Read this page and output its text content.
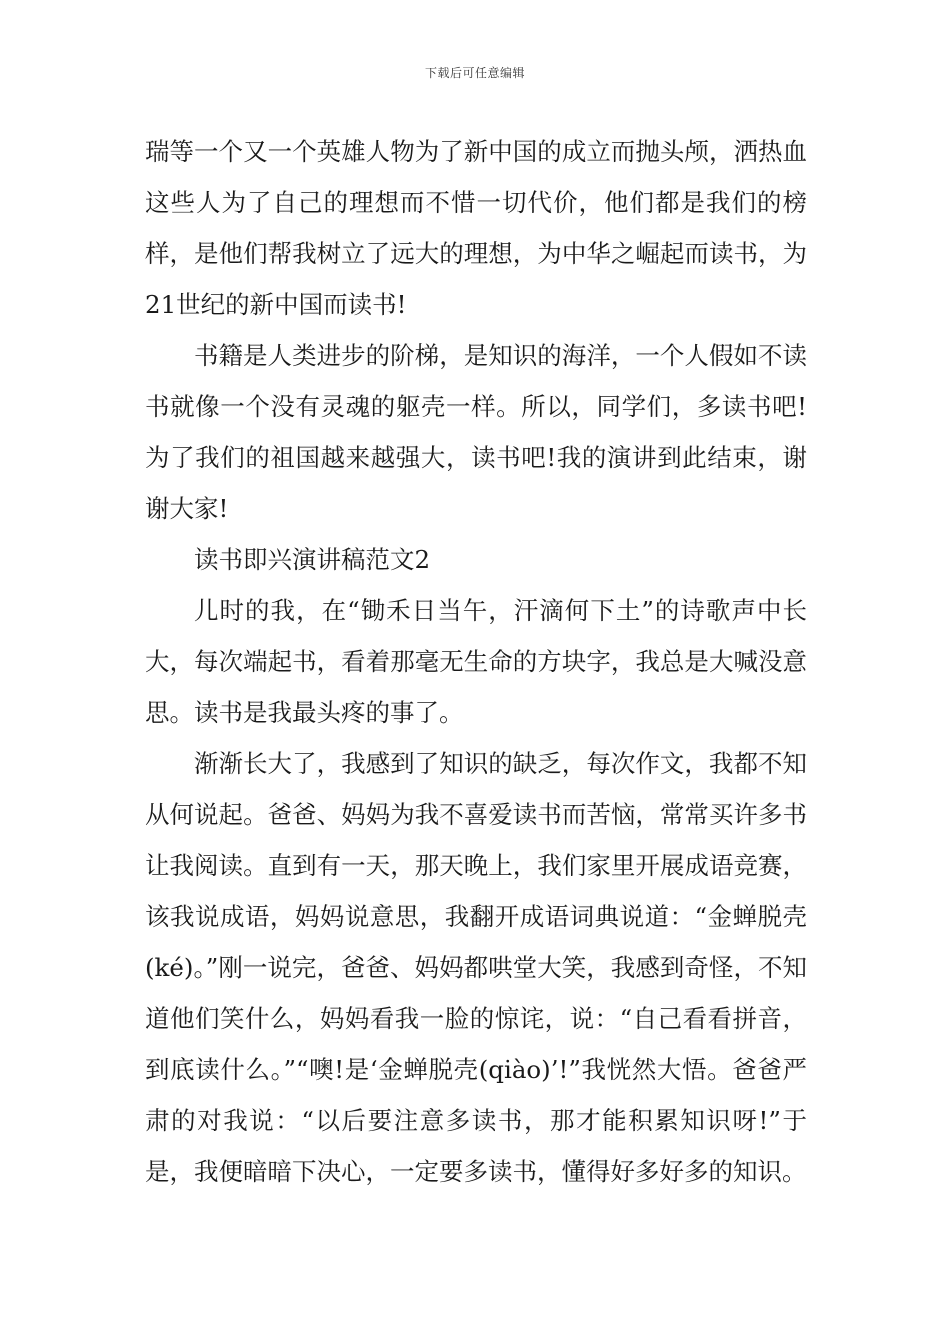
下载后可任意编辑

瑞等一个又一个英雄人物为了新中国的成立而抛头颅，洒热血这些人为了自己的理想而不惜一切代价，他们都是我们的榜样，是他们帮我树立了远大的理想，为中华之崛起而读书，为21世纪的新中国而读书!

书籍是人类进步的阶梯，是知识的海洋，一个人假如不读书就像一个没有灵魂的躯壳一样。所以，同学们，多读书吧!为了我们的祖国越来越强大，读书吧!我的演讲到此结束，谢谢大家!

读书即兴演讲稿范文2

儿时的我，在“锄禾日当午，汗滴何下土”的诗歌声中长大，每次端起书，看着那毫无生命的方块字，我总是大喊没意思。读书是我最头疼的事了。

渐渐长大了，我感到了知识的缺乏，每次作文，我都不知从何说起。爸爸、妈妈为我不喜爱读书而苦恼，常常买许多书让我阅读。直到有一天，那天晚上，我们家里开展成语竞赛，该我说成语，妈妈说意思，我翻开成语词典说道：“金蝉脱壳(ké)。”刚一说完，爸爸、妈妈都哄堂大笑，我感到奇怪，不知道他们笑什么，妈妈看我一脸的惊诧，说：“自己看看拼音，到底读什么。”“噢!是‘金蝉脱壳(qiào)’!”我恍然大悟。爸爸严肃的对我说：“以后要注意多读书，那才能积累知识呀!”于是，我便暗暗下决心，一定要多读书，懂得好多好多的知识。
